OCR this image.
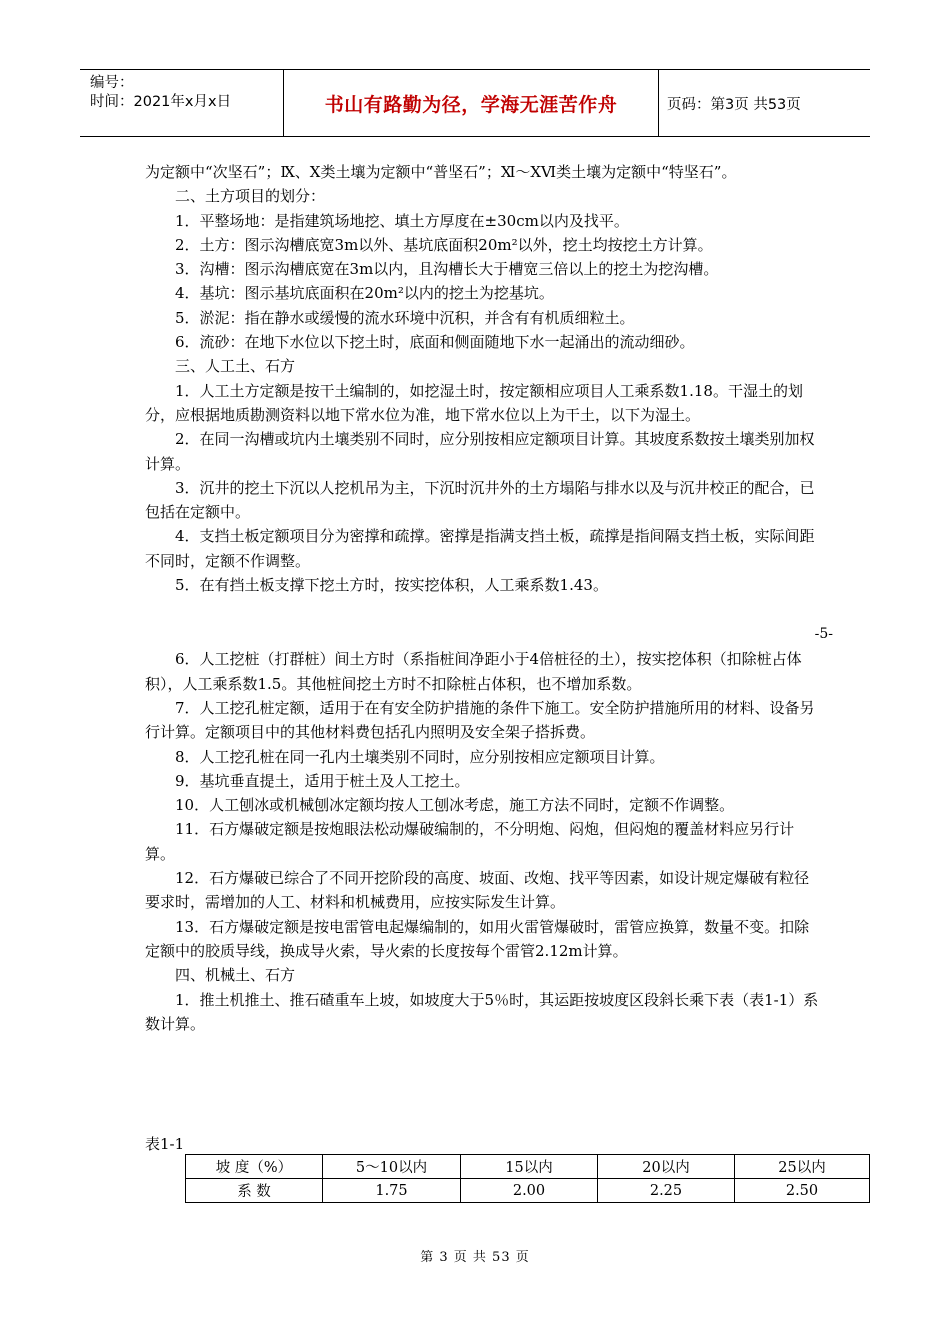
编号：
时间：2021年x月x日	书山有路勤为径，学海无涯苦作舟	页码：第3页 共53页

为定额中“次坚石”；Ⅸ、Ⅹ类土壤为定额中“普坚石”；Ⅺ～ⅩⅥ类土壤为定额中“特坚石”。

二、土方项目的划分：

1．平整场地：是指建筑场地挖、填土方厚度在±30cm以内及找平。

2．土方：图示沟槽底宽3m以外、基坑底面积20m²以外，挖土均按挖土方计算。

3．沟槽：图示沟槽底宽在3m以内，且沟槽长大于槽宽三倍以上的挖土为挖沟槽。

4．基坑：图示基坑底面积在20m²以内的挖土为挖基坑。

5．淤泥：指在静水或缓慢的流水环境中沉积，并含有有机质细粒土。

6．流砂：在地下水位以下挖土时，底面和侧面随地下水一起涌出的流动细砂。

三、人工土、石方

1．人工土方定额是按干土编制的，如挖湿土时，按定额相应项目人工乘系数1.18。干湿土的划分，应根据地质勘测资料以地下常水位为准，地下常水位以上为干土，以下为湿土。

2．在同一沟槽或坑内土壤类别不同时，应分别按相应定额项目计算。其坡度系数按土壤类别加权计算。

3．沉井的挖土下沉以人挖机吊为主，下沉时沉井外的土方塌陷与排水以及与沉井校正的配合，已包括在定额中。

4．支挡土板定额项目分为密撑和疏撑。密撑是指满支挡土板，疏撑是指间隔支挡土板，实际间距不同时，定额不作调整。

5．在有挡土板支撑下挖土方时，按实挖体积，人工乘系数1.43。

-5-

6．人工挖桩（打群桩）间土方时（系指桩间净距小于4倍桩径的土），按实挖体积（扣除桩占体积），人工乘系数1.5。其他桩间挖土方时不扣除桩占体积，也不增加系数。

7．人工挖孔桩定额，适用于在有安全防护措施的条件下施工。安全防护措施所用的材料、设备另行计算。定额项目中的其他材料费包括孔内照明及安全架子搭拆费。

8．人工挖孔桩在同一孔内土壤类别不同时，应分别按相应定额项目计算。

9．基坑垂直提土，适用于桩土及人工挖土。

10．人工刨冰或机械刨冰定额均按人工刨冰考虑，施工方法不同时，定额不作调整。

11．石方爆破定额是按炮眼法松动爆破编制的，不分明炮、闷炮，但闷炮的覆盖材料应另行计算。

12．石方爆破已综合了不同开挖阶段的高度、坡面、改炮、找平等因素，如设计规定爆破有粒径要求时，需增加的人工、材料和机械费用，应按实际发生计算。

13．石方爆破定额是按电雷管电起爆编制的，如用火雷管爆破时，雷管应换算，数量不变。扣除定额中的胶质导线，换成导火索，导火索的长度按每个雷管2.12m计算。

四、机械土、石方

1．推土机推土、推石碴重车上坡，如坡度大于5％时，其运距按坡度区段斜长乘下表（表1-1）系数计算。

表1-1
坡 度（%）	5～10以内	15以内	20以内	25以内
系 数	1.75	2.00	2.25	2.50
第 3 页 共 53 页
